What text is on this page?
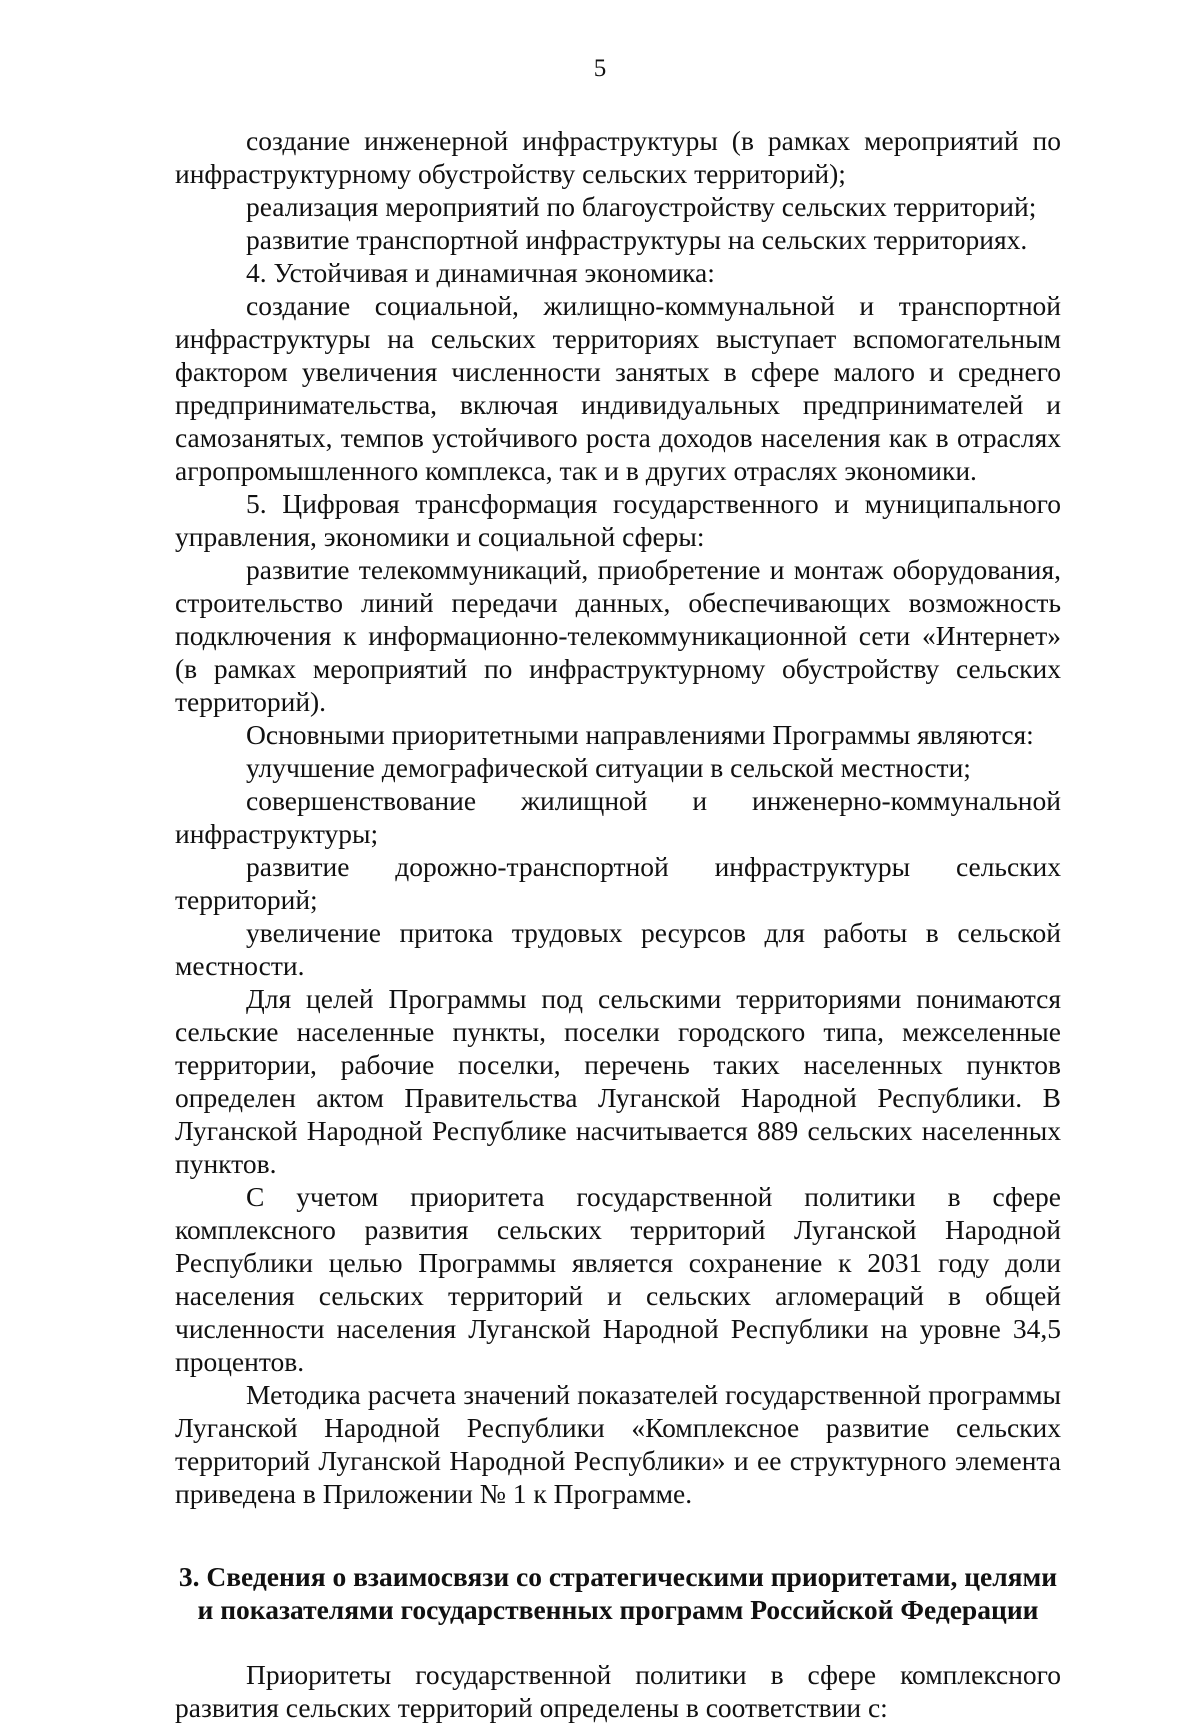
5

создание инженерной инфраструктуры (в рамках мероприятий по инфраструктурному обустройству сельских территорий);

реализация мероприятий по благоустройству сельских территорий;

развитие транспортной инфраструктуры на сельских территориях.

4. Устойчивая и динамичная экономика:

создание социальной, жилищно-коммунальной и транспортной инфраструктуры на сельских территориях выступает вспомогательным фактором увеличения численности занятых в сфере малого и среднего предпринимательства, включая индивидуальных предпринимателей и самозанятых, темпов устойчивого роста доходов населения как в отраслях агропромышленного комплекса, так и в других отраслях экономики.

5. Цифровая трансформация государственного и муниципального управления, экономики и социальной сферы:

развитие телекоммуникаций, приобретение и монтаж оборудования, строительство линий передачи данных, обеспечивающих возможность подключения к информационно-телекоммуникационной сети «Интернет» (в рамках мероприятий по инфраструктурному обустройству сельских территорий).

Основными приоритетными направлениями Программы являются:

улучшение демографической ситуации в сельской местности;

совершенствование жилищной и инженерно-коммунальной инфраструктуры;

развитие дорожно-транспортной инфраструктуры сельских территорий;

увеличение притока трудовых ресурсов для работы в сельской местности.

Для целей Программы под сельскими территориями понимаются сельские населенные пункты, поселки городского типа, межселенные территории, рабочие поселки, перечень таких населенных пунктов определен актом Правительства Луганской Народной Республики. В Луганской Народной Республике насчитывается 889 сельских населенных пунктов.

С учетом приоритета государственной политики в сфере комплексного развития сельских территорий Луганской Народной Республики целью Программы является сохранение к 2031 году доли населения сельских территорий и сельских агломераций в общей численности населения Луганской Народной Республики на уровне 34,5 процентов.

Методика расчета значений показателей государственной программы Луганской Народной Республики «Комплексное развитие сельских территорий Луганской Народной Республики» и ее структурного элемента приведена в Приложении № 1 к Программе.

3. Сведения о взаимосвязи со стратегическими приоритетами, целями
и показателями государственных программ Российской Федерации

Приоритеты государственной политики в сфере комплексного развития сельских территорий определены в соответствии с:
